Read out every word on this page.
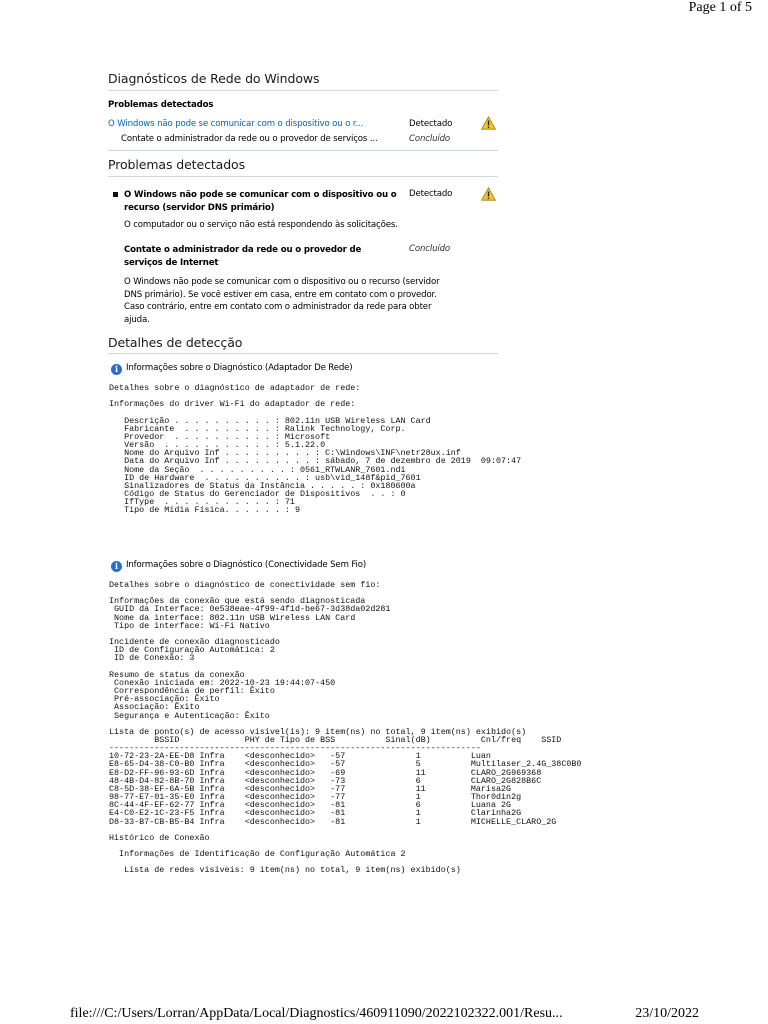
Page 1 of 5
Diagnósticos de Rede do Windows
Problemas detectados
O Windows não pode se comunicar com o dispositivo ou o r...	Detectado
Contate o administrador da rede ou o provedor de serviços ...	Concluído
Problemas detectados
O Windows não pode se comunicar com o dispositivo ou o recurso (servidor DNS primário)
Detectado
O computador ou o serviço não está respondendo às solicitações.
Contate o administrador da rede ou o provedor de serviços de Internet
Concluído
O Windows não pode se comunicar com o dispositivo ou o recurso (servidor DNS primário). Se você estiver em casa, entre em contato com o provedor. Caso contrário, entre em contato com o administrador da rede para obter ajuda.
Detalhes de detecção
i Informações sobre o Diagnóstico (Adaptador De Rede)
Detalhes sobre o diagnóstico de adaptador de rede:

Informações do driver Wi-Fi do adaptador de rede:

Descrição . . . . . . . . . . : 802.11n USB Wireless LAN Card
Fabricante  . . . . . . . . . : Ralink Technology, Corp.
Provedor  . . . . . . . . . . : Microsoft
Versão  . . . . . . . . . . . : 5.1.22.0
Nome do Arquivo Inf . . . . . . . . . : C:\Windows\INF\netr28ux.inf
Data do Arquivo Inf . . . . . . . . . : sábado, 7 de dezembro de 2019  09:07:47
Nome da Seção  . . . . . . . . . : 0561_RTWLANR_7601.ndi
ID de Hardware  . . . . . . . . . . : usb\vid_148f&pid_7601
Sinalizadores de Status da Instância . . . . . : 0x180600a
Código de Status do Gerenciador de Dispositivos  . . : 0
IfType  . . . . . . . . . . . : 71
Tipo de Mídia Física. . . . . . : 9
i Informações sobre o Diagnóstico (Conectividade Sem Fio)
Detalhes sobre o diagnóstico de conectividade sem fio:

Informações da conexão que está sendo diagnosticada
GUID da Interface: 0e538eae-4f99-4f1d-be67-3d38da02d281
Nome da interface: 802.11n USB Wireless LAN Card
Tipo de interface: Wi-Fi Nativo

Incidente de conexão diagnosticado
ID de Configuração Automática: 2
ID de Conexão: 3

Resumo de status da conexão
Conexão iniciada em: 2022-10-23 19:44:07-450
Correspondência de perfil: Êxito
Pré-associação: Êxito
Associação: Êxito
Segurança e Autenticação: Êxito

Lista de ponto(s) de acesso visível(is): 9 item(ns) no total, 9 item(ns) exibido(s)
BSSID             PHY de Tipo de BSS          Sinal(dB)          Cnl/freq    SSID
--------------------------------------------------------------------------
10-72-23-2A-EE-D8 Infra    <desconhecido>   -57              1          Luan
E8-65-D4-38-C0-B0 Infra    <desconhecido>   -57              5          Multilaser_2.4G_38C0B0
E8-D2-FF-96-93-6D Infra    <desconhecido>   -69              11         CLARO_2G969368
48-4B-D4-82-8B-70 Infra    <desconhecido>   -73              6          CLARO_2G828B6C
C8-5D-38-EF-6A-5B Infra    <desconhecido>   -77              11         Marisa2G
98-77-E7-01-35-E0 Infra    <desconhecido>   -77              1          Thor0din2g
8C-44-4F-EF-62-77 Infra    <desconhecido>   -81              6          Luana 2G
E4-C0-E2-1C-23-F5 Infra    <desconhecido>   -81              1          Clarinha2G
D8-33-B7-CB-B5-B4 Infra    <desconhecido>   -81              1          MICHELLE_CLARO_2G

Histórico de Conexão

Informações de Identificação de Configuração Automática 2

Lista de redes visíveis: 9 item(ns) no total, 9 item(ns) exibido(s)
file:///C:/Users/Lorran/AppData/Local/Diagnostics/460911090/2022102322.001/Resu...	23/10/2022
